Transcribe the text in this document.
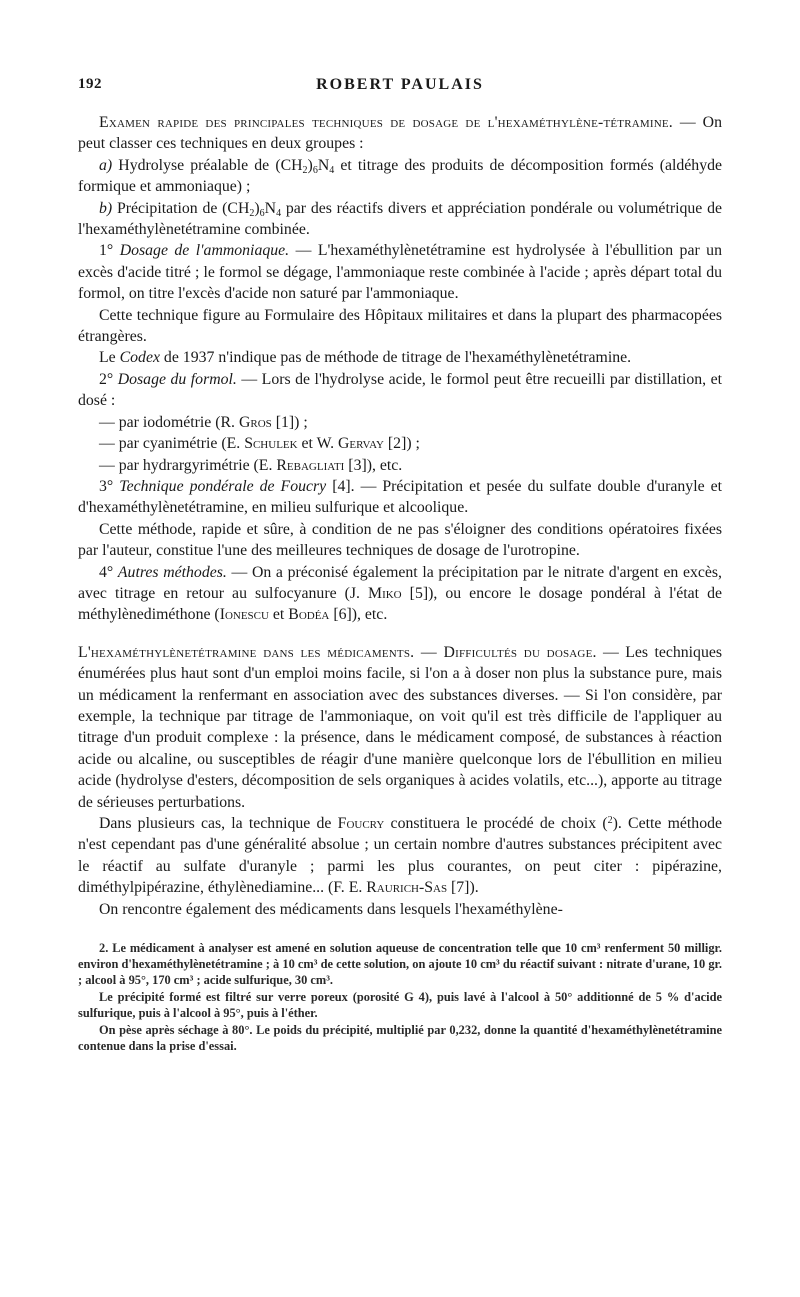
192	ROBERT PAULAIS

Examen rapide des principales techniques de dosage de l'hexaméthylène-tétramine. — On peut classer ces techniques en deux groupes :

a) Hydrolyse préalable de $(CH_2)_6N_4$ et titrage des produits de décomposition formés (aldéhyde formique et ammoniaque) ;

b) Précipitation de $(CH_2)_6N_4$ par des réactifs divers et appréciation pondérale ou volumétrique de l'hexaméthylènetétramine combinée.

1° Dosage de l'ammoniaque. — L'hexaméthylènetétramine est hydrolysée à l'ébullition par un excès d'acide titré ; le formol se dégage, l'ammoniaque reste combinée à l'acide ; après départ total du formol, on titre l'excès d'acide non saturé par l'ammoniaque.

Cette technique figure au Formulaire des Hôpitaux militaires et dans la plupart des pharmacopées étrangères.

Le Codex de 1937 n'indique pas de méthode de titrage de l'hexaméthylènetétramine.

2° Dosage du formol. — Lors de l'hydrolyse acide, le formol peut être recueilli par distillation, et dosé :

— par iodométrie (R. Gros [1]) ;

— par cyanimétrie (E. Schulek et W. Gervay [2]) ;

— par hydrargyrimétrie (E. Rebagliati [3]), etc.

3° Technique pondérale de Foucry [4]. — Précipitation et pesée du sulfate double d'uranyle et d'hexaméthylènetétramine, en milieu sulfurique et alcoolique.

Cette méthode, rapide et sûre, à condition de ne pas s'éloigner des conditions opératoires fixées par l'auteur, constitue l'une des meilleures techniques de dosage de l'urotropine.

4° Autres méthodes. — On a préconisé également la précipitation par le nitrate d'argent en excès, avec titrage en retour au sulfocyanure (J. Miko [5]), ou encore le dosage pondéral à l'état de méthylènediméthone (Ionescu et Bodéa [6]), etc.

L'hexaméthylènetétramine dans les médicaments. — Difficultés du dosage. — Les techniques énumérées plus haut sont d'un emploi moins facile, si l'on a à doser non plus la substance pure, mais un médicament la renfermant en association avec des substances diverses. — Si l'on considère, par exemple, la technique par titrage de l'ammoniaque, on voit qu'il est très difficile de l'appliquer au titrage d'un produit complexe : la présence, dans le médicament composé, de substances à réaction acide ou alcaline, ou susceptibles de réagir d'une manière quelconque lors de l'ébullition en milieu acide (hydrolyse d'esters, décomposition de sels organiques à acides volatils, etc...), apporte au titrage de sérieuses perturbations.

Dans plusieurs cas, la technique de Foucry constituera le procédé de choix ($^2$). Cette méthode n'est cependant pas d'une généralité absolue ; un certain nombre d'autres substances précipitent avec le réactif au sulfate d'uranyle ; parmi les plus courantes, on peut citer : pipérazine, diméthylpipérazine, éthylènediamine... (F. E. Raurich-Sas [7]).

On rencontre également des médicaments dans lesquels l'hexaméthylène-

2. Le médicament à analyser est amené en solution aqueuse de concentration telle que 10 cm³ renferment 50 milligr. environ d'hexaméthylènetétramine ; à 10 cm³ de cette solution, on ajoute 10 cm³ du réactif suivant : nitrate d'urane, 10 gr. ; alcool à 95°, 170 cm³ ; acide sulfurique, 30 cm³.

Le précipité formé est filtré sur verre poreux (porosité G 4), puis lavé à l'alcool à 50° additionné de 5 % d'acide sulfurique, puis à l'alcool à 95°, puis à l'éther.

On pèse après séchage à 80°. Le poids du précipité, multiplié par 0,232, donne la quantité d'hexaméthylènetétramine contenue dans la prise d'essai.
